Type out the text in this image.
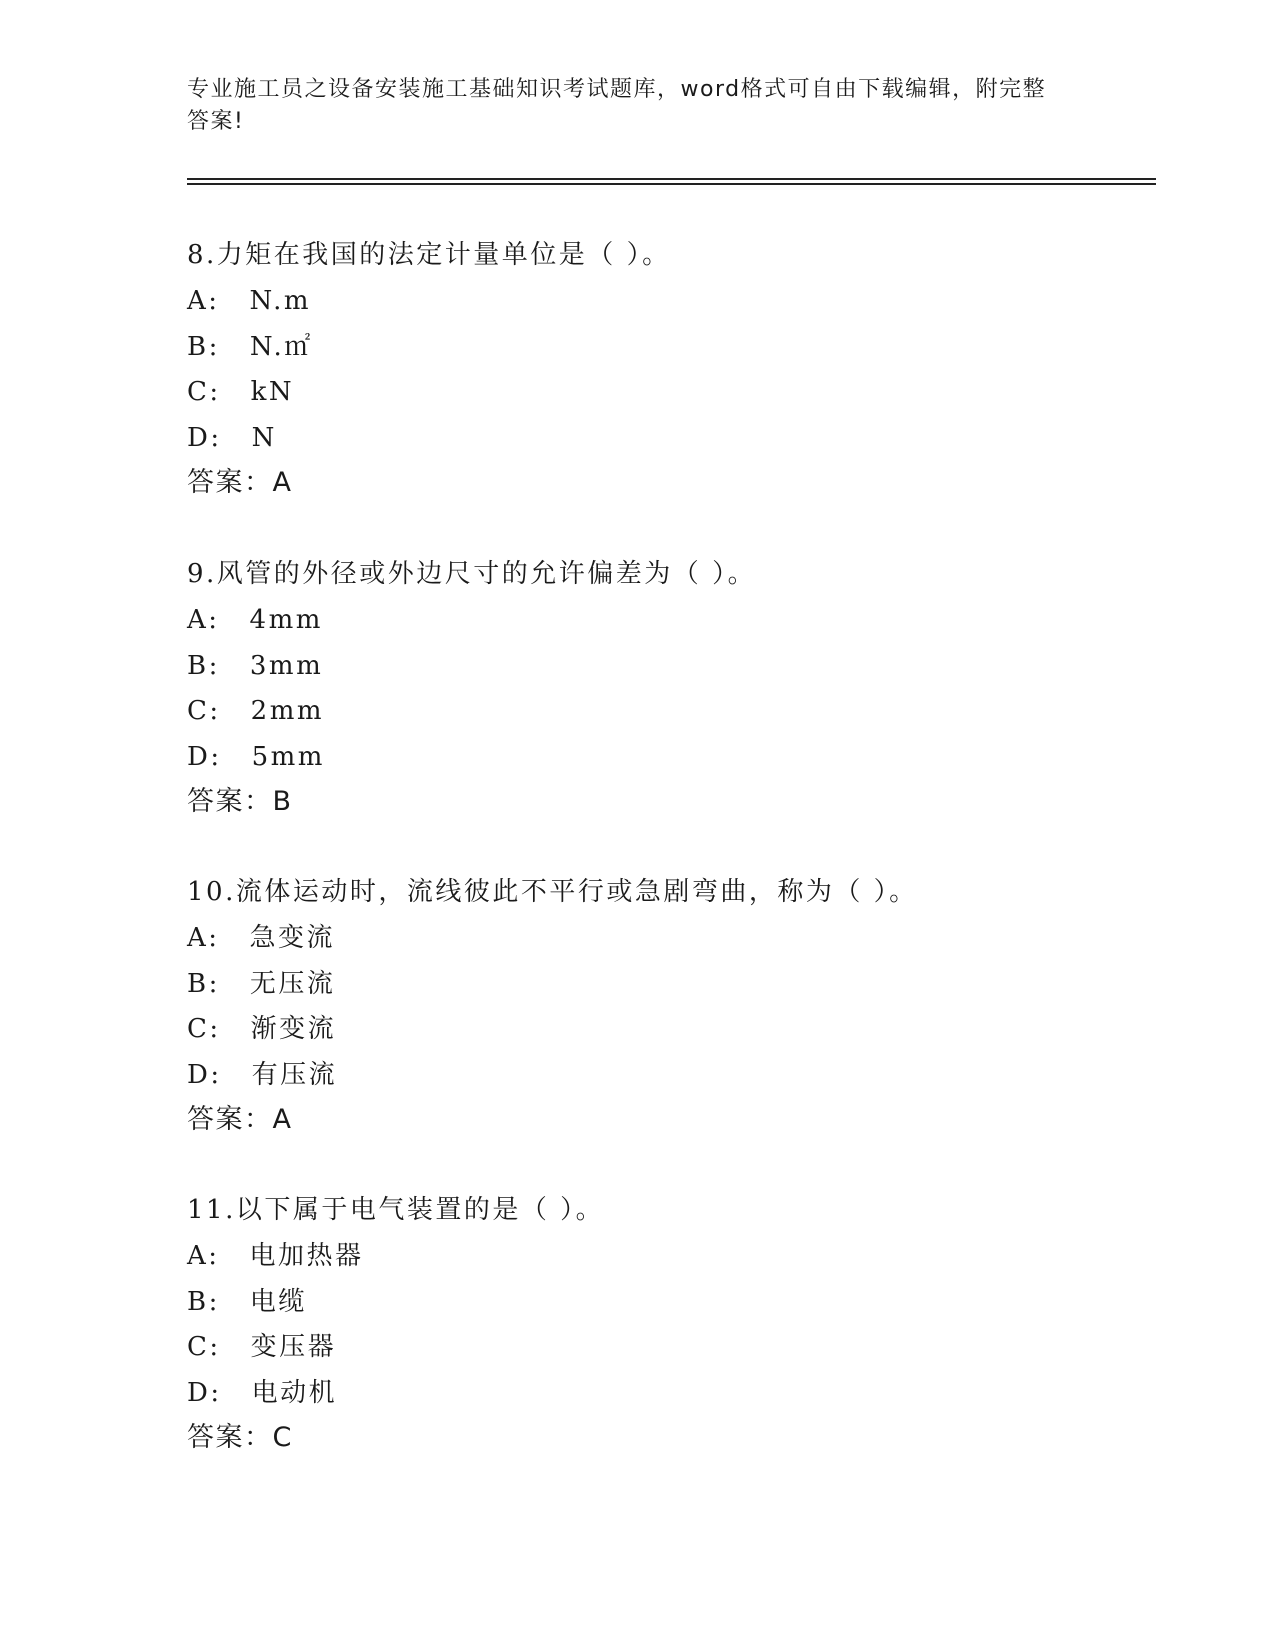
专业施工员之设备安装施工基础知识考试题库，word格式可自由下载编辑，附完整答案!
8.力矩在我国的法定计量单位是（ ）。
A: N.m
B: N.㎡
C: kN
D: N
答案：A
9.风管的外径或外边尺寸的允许偏差为（ ）。
A: 4mm
B: 3mm
C: 2mm
D: 5mm
答案：B
10.流体运动时，流线彼此不平行或急剧弯曲，称为（ ）。
A: 急变流
B: 无压流
C: 渐变流
D: 有压流
答案：A
11.以下属于电气装置的是（ ）。
A: 电加热器
B: 电缆
C: 变压器
D: 电动机
答案：C
